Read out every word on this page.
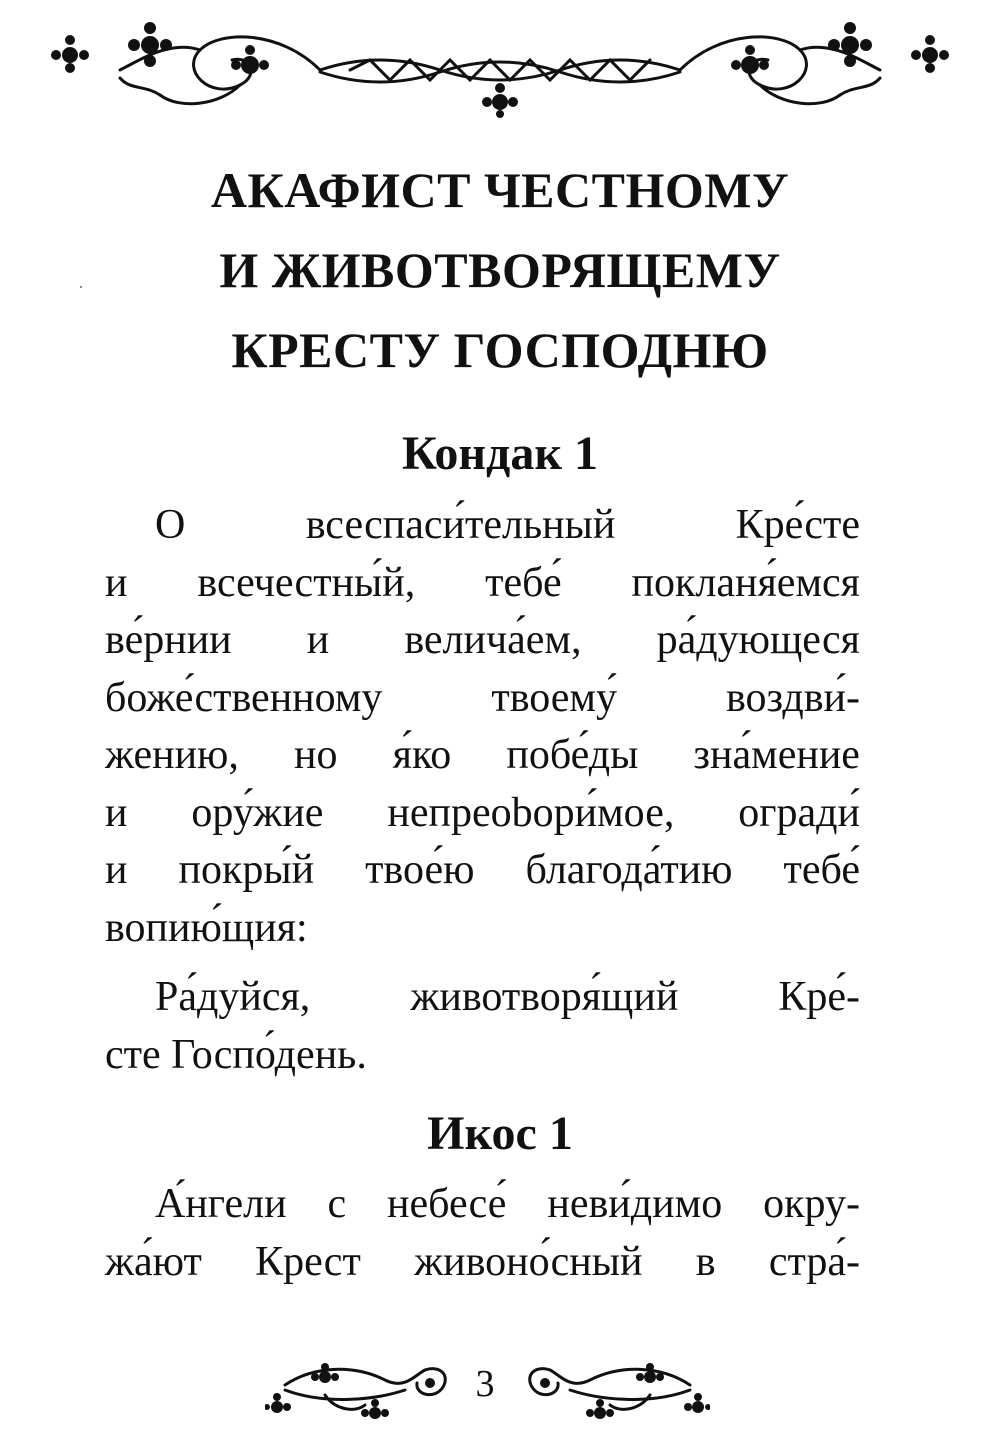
АКАФИСТ ЧЕСТНОМУ
И ЖИВОТВОРЯЩЕМУ
КРЕСТУ ГОСПОДНЮ
Кондак 1
О	всеспаси́тельный	Кре́сте
и всечестны́й, тебе́ покланя́емся
ве́рнии и велича́ем, ра́дующеся
боже́ственному	твоему́	воздви́-
жению, но я́ко побе́ды зна́мение
и ору́жие непреobори́мое, огради́
и покры́й твое́ю благода́тию тебе́
вопию́щия:
Ра́дуйся, животворя́щий Кре́-
сте Госпо́день.
Икос 1
А́нгели с небесе́ неви́димо окру-
жа́ют Крест живоно́сный в стра́-
3
